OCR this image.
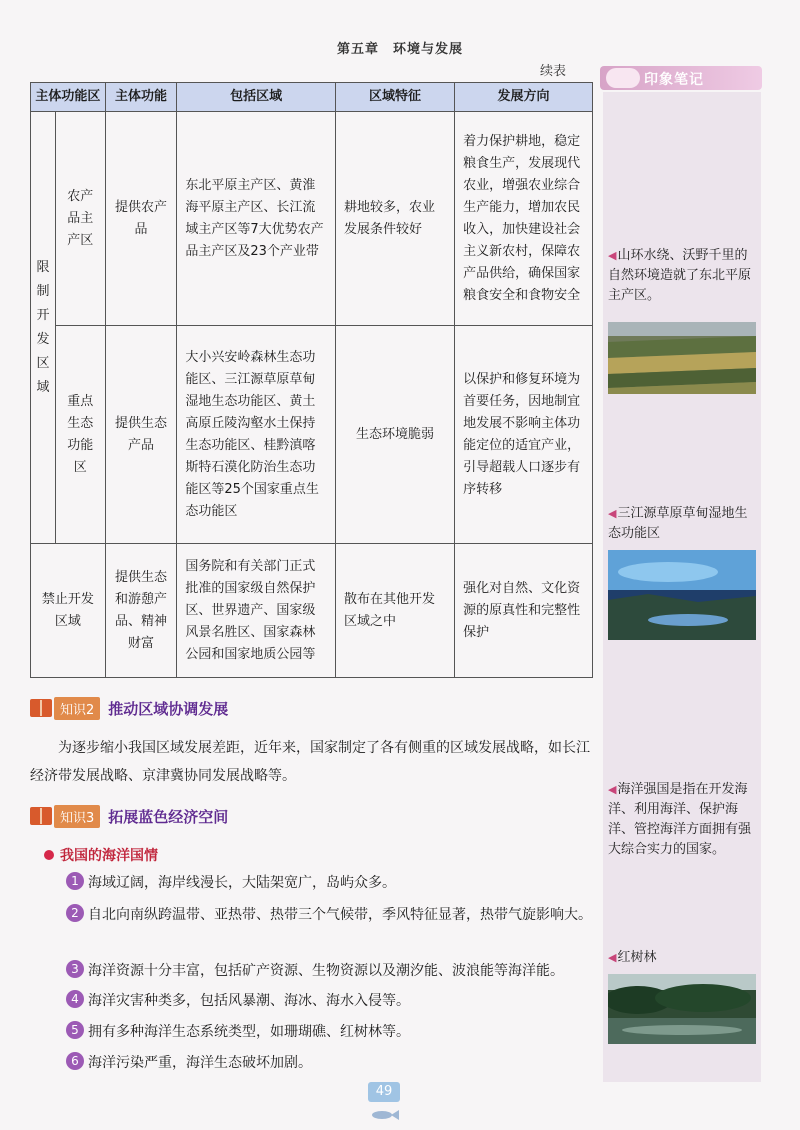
第五章　环境与发展
续表
印象笔记
◀山环水绕、沃野千里的自然环境造就了东北平原主产区。
◀三江源草原草甸湿地生态功能区
◀海洋强国是指在开发海洋、利用海洋、保护海洋、管控海洋方面拥有强大综合实力的国家。
◀红树林
主体功能区		主体功能	包括区域	区域特征	发展方向
限制开发区域	农产品主产区	提供农产品	东北平原主产区、黄淮海平原主产区、长江流域主产区等7大优势农产品主产区及23个产业带	耕地较多，农业发展条件较好	着力保护耕地，稳定粮食生产，发展现代农业，增强农业综合生产能力，增加农民收入，加快建设社会主义新农村，保障农产品供给，确保国家粮食安全和食物安全
	重点生态功能区	提供生态产品	大小兴安岭森林生态功能区、三江源草原草甸湿地生态功能区、黄土高原丘陵沟壑水土保持生态功能区、桂黔滇喀斯特石漠化防治生态功能区等25个国家重点生态功能区	生态环境脆弱	以保护和修复环境为首要任务，因地制宜地发展不影响主体功能定位的适宜产业，引导超载人口逐步有序转移
禁止开发区域		提供生态和游憩产品、精神财富	国务院和有关部门正式批准的国家级自然保护区、世界遗产、国家级风景名胜区、国家森林公园和国家地质公园等	散布在其他开发区域之中	强化对自然、文化资源的原真性和完整性保护
知识2 推动区域协调发展
为逐步缩小我国区域发展差距，近年来，国家制定了各有侧重的区域发展战略，如长江经济带发展战略、京津冀协同发展战略等。
知识3 拓展蓝色经济空间
我国的海洋国情
1 海域辽阔，海岸线漫长，大陆架宽广，岛屿众多。
2 自北向南纵跨温带、亚热带、热带三个气候带，季风特征显著，热带气旋影响大。
3 海洋资源十分丰富，包括矿产资源、生物资源以及潮汐能、波浪能等海洋能。
4 海洋灾害种类多，包括风暴潮、海冰、海水入侵等。
5 拥有多种海洋生态系统类型，如珊瑚礁、红树林等。
6 海洋污染严重，海洋生态破坏加剧。
49
